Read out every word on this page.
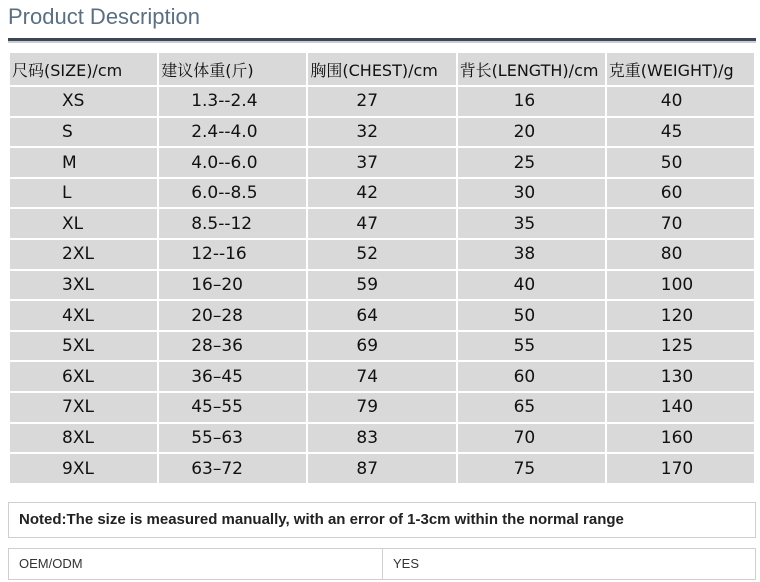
Product Description
尺码(SIZE)/cm	建议体重(斤)	胸围(CHEST)/cm	背长(LENGTH)/cm	克重(WEIGHT)/g
XS	1.3--2.4	27	16	40
S	2.4--4.0	32	20	45
M	4.0--6.0	37	25	50
L	6.0--8.5	42	30	60
XL	8.5--12	47	35	70
2XL	12--16	52	38	80
3XL	16–20	59	40	100
4XL	20–28	64	50	120
5XL	28–36	69	55	125
6XL	36–45	74	60	130
7XL	45–55	79	65	140
8XL	55–63	83	70	160
9XL	63–72	87	75	170
Noted:The size is measured manually, with an error of 1-3cm within the normal range
OEM/ODM	YES
